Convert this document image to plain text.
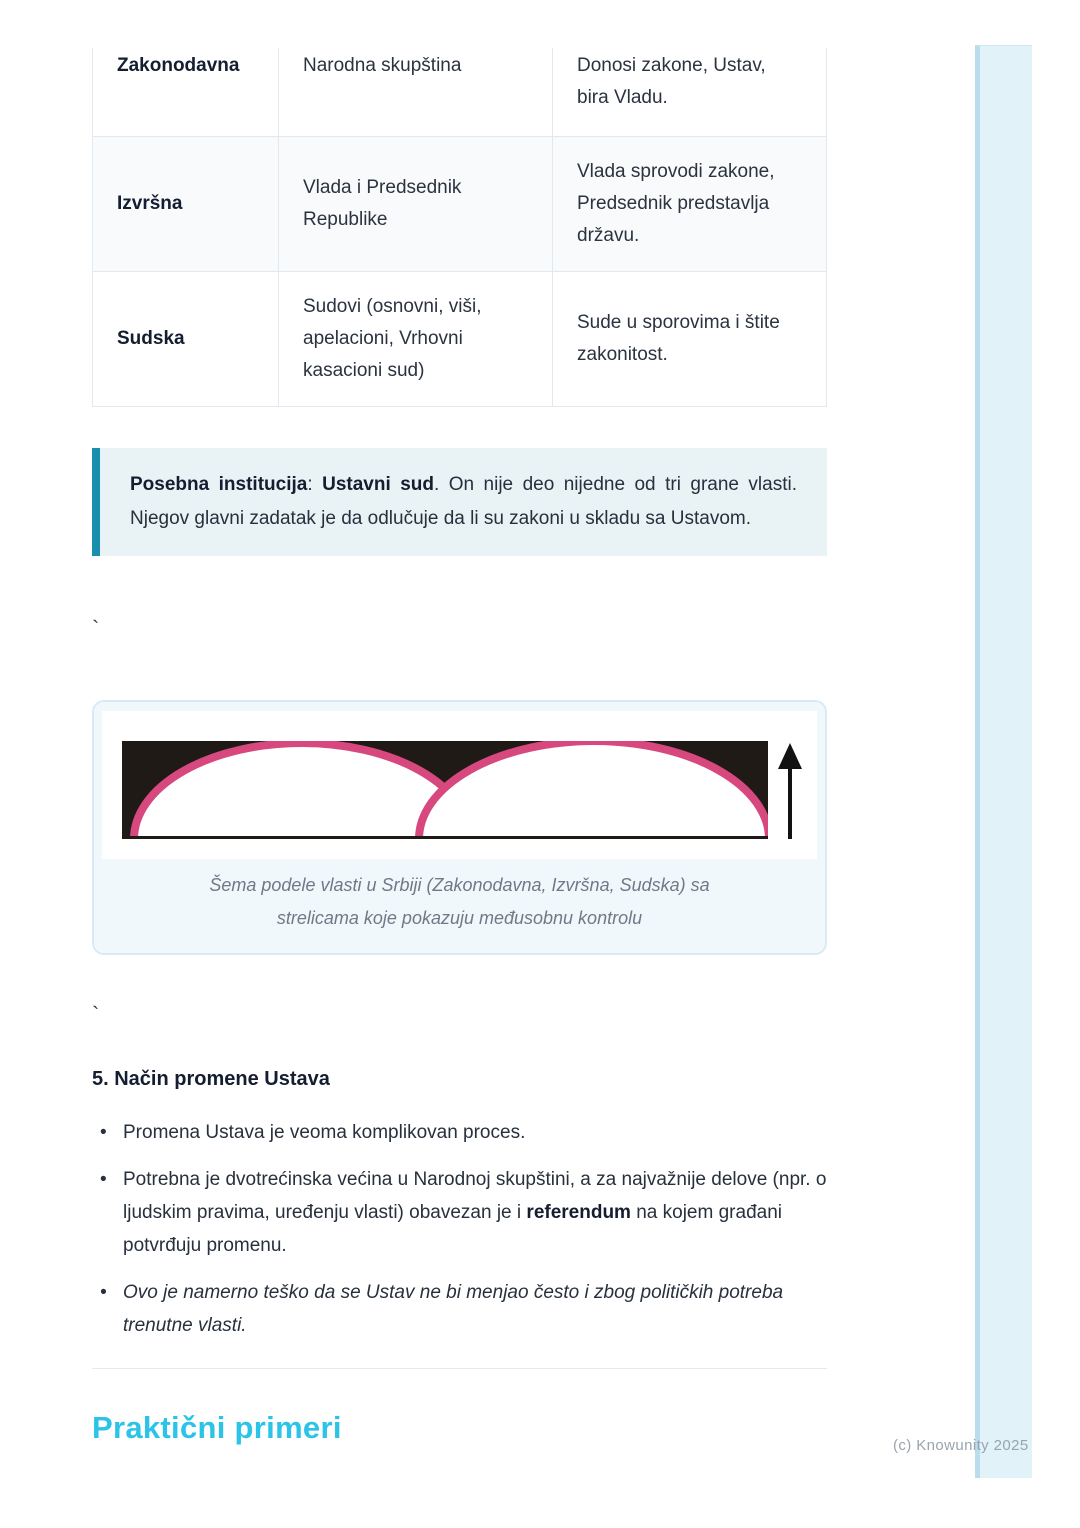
Zakonodavna	Narodna skupština	Donosi zakone, Ustav, bira Vladu.
Izvršna
Vlada i Predsednik Republike
Vlada sprovodi zakone, Predsednik predstavlja državu.
Sudska
Sudovi (osnovni, viši, apelacioni, Vrhovni kasacioni sud)
Sude u sporovima i štite zakonitost.
Posebna institucija: Ustavni sud. On nije deo nijedne od tri grane vlasti. Njegov glavni zadatak je da odlučuje da li su zakoni u skladu sa Ustavom.
`
Šema podele vlasti u Srbiji (Zakonodavna, Izvršna, Sudska) sa
strelicama koje pokazuju međusobnu kontrolu
`
5. Način promene Ustava
• Promena Ustava je veoma komplikovan proces.
• Potrebna je dvotrećinska većina u Narodnoj skupštini, a za najvažnije delove (npr. o ljudskim pravima, uređenju vlasti) obavezan je i referendum na kojem građani potvrđuju promenu.
• Ovo je namerno teško da se Ustav ne bi menjao često i zbog političkih potreba trenutne vlasti.
Praktični primeri
(c) Knowunity 2025
